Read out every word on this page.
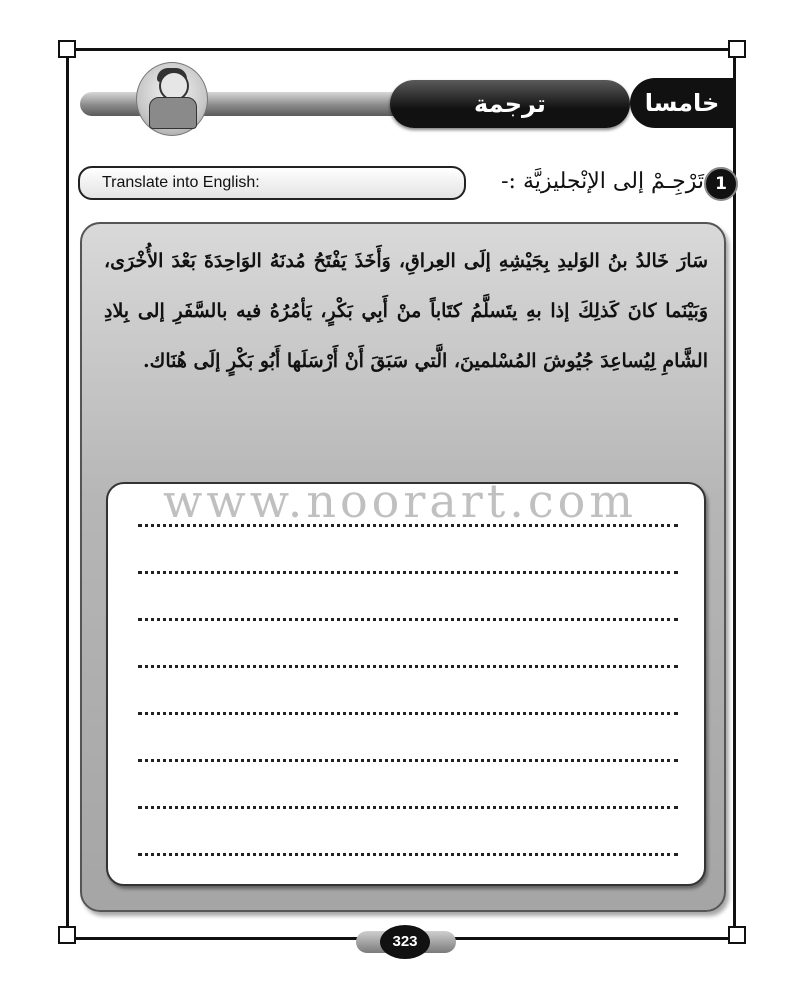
ترجمة	خامسا
Translate into English:	تَرْجِـمْ إلى الإنْجليزيَّة :- 1
سَارَ خَالدُ بنُ الوَليدِ بِجَيْشِهِ إلَى العِراقِ، وَأَخَذَ يَفْتَحُ مُدنَهُ الوَاحِدَةَ بَعْدَ الأُخْرَى، وَبَيْنَما كانَ كَذلِكَ إذا بهِ يتَسلَّمُ كتَاباً منْ أَبِي بَكْرٍ، يَأمُرُهُ فيه بالسَّفَرِ إلى بِلادِ الشَّامِ لِيُساعِدَ جُيُوشَ المُسْلمينَ، الَّتي سَبَقَ أَنْ أَرْسَلَها أَبُو بَكْرٍ إلَى هُنَاك.
www.noorart.com
323
